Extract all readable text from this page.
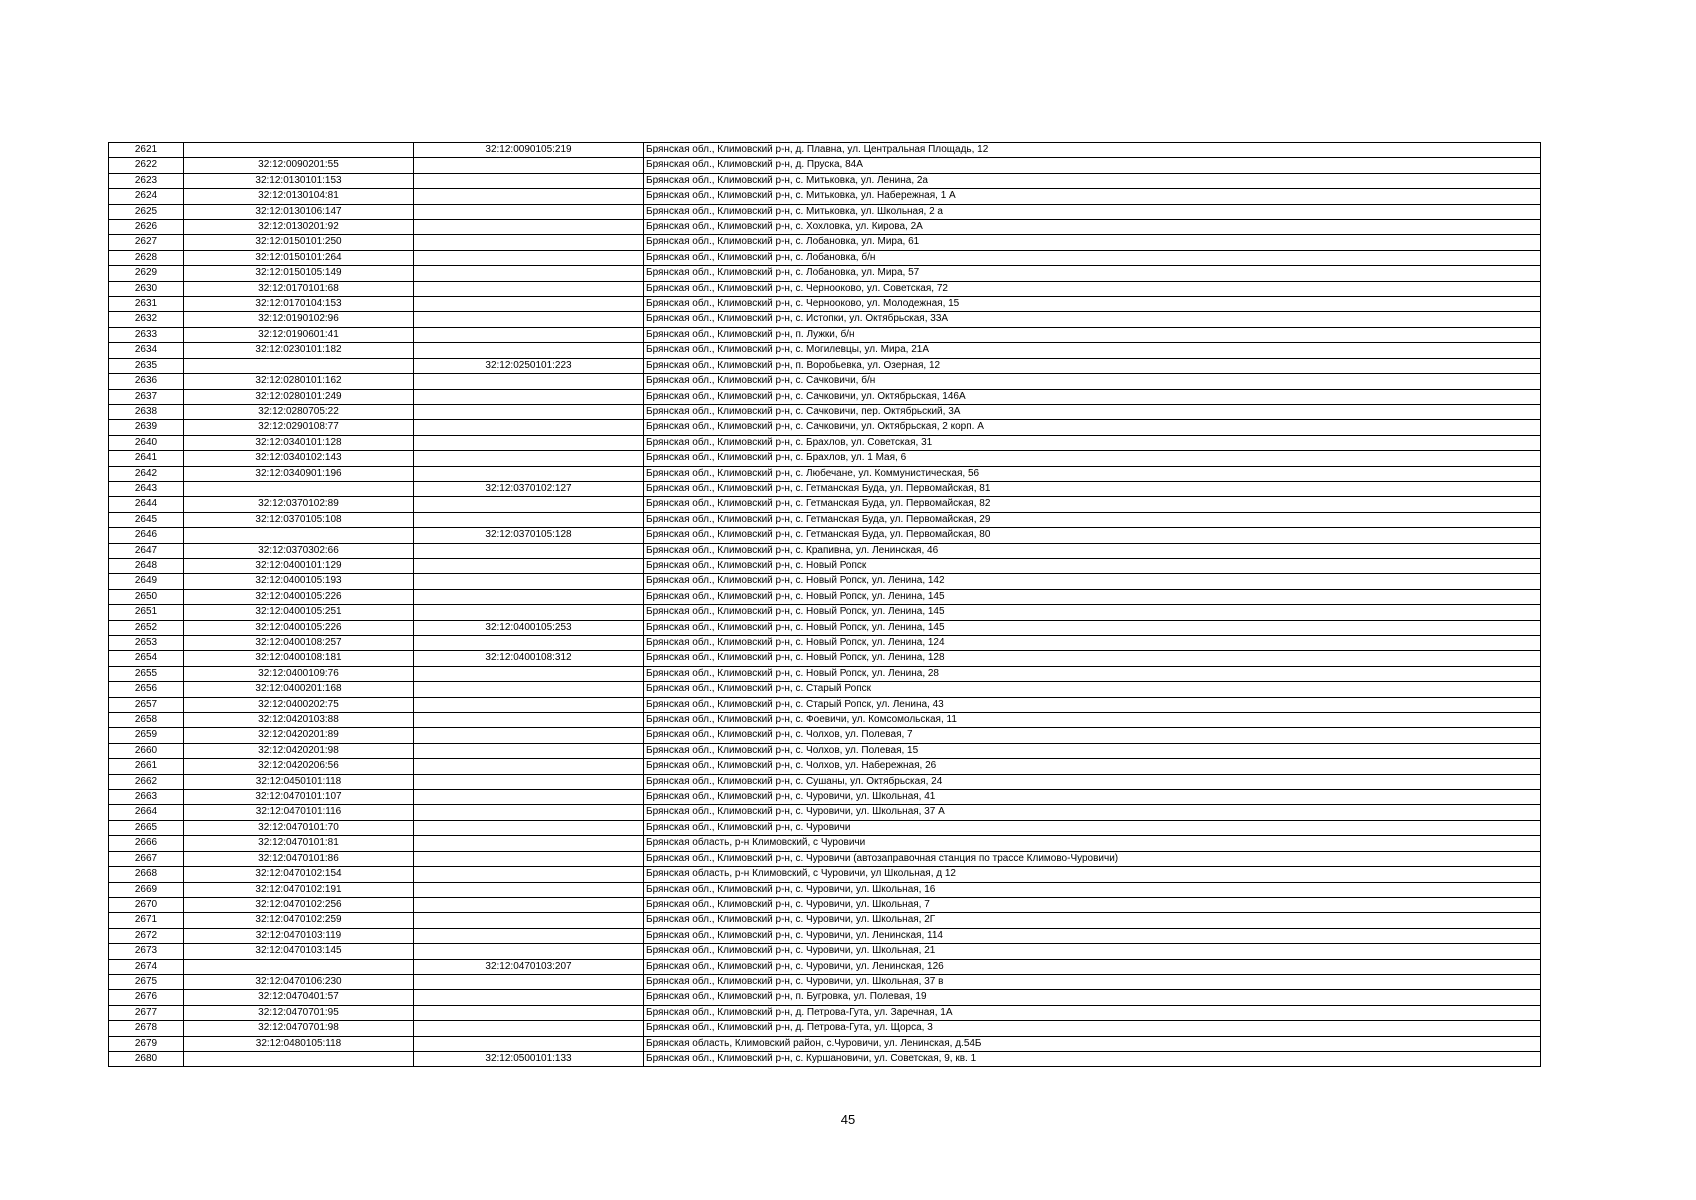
2621		32:12:0090105:219	Брянская обл., Климовский р-н, д. Плавна, ул. Центральная Площадь, 12
2622	32:12:0090201:55		Брянская обл., Климовский р-н, д. Пруска, 84А
2623	32:12:0130101:153		Брянская обл., Климовский р-н, с. Митьковка, ул. Ленина, 2а
2624	32:12:0130104:81		Брянская обл., Климовский р-н, с. Митьковка, ул. Набережная, 1 А
2625	32:12:0130106:147		Брянская обл., Климовский р-н, с. Митьковка, ул. Школьная, 2 а
2626	32:12:0130201:92		Брянская обл., Климовский р-н, с. Хохловка, ул. Кирова, 2А
2627	32:12:0150101:250		Брянская обл., Климовский р-н, с. Лобановка, ул. Мира, 61
2628	32:12:0150101:264		Брянская обл., Климовский р-н, с. Лобановка, б/н
2629	32:12:0150105:149		Брянская обл., Климовский р-н, с. Лобановка, ул. Мира, 57
2630	32:12:0170101:68		Брянская обл., Климовский р-н, с. Чернооково, ул. Советская, 72
2631	32:12:0170104:153		Брянская обл., Климовский р-н, с. Чернооково, ул. Молодежная, 15
2632	32:12:0190102:96		Брянская обл., Климовский р-н, с. Истопки, ул. Октябрьская, 33А
2633	32:12:0190601:41		Брянская обл., Климовский р-н, п. Лужки, б/н
2634	32:12:0230101:182		Брянская обл., Климовский р-н, с. Могилевцы, ул. Мира, 21А
2635		32:12:0250101:223	Брянская обл., Климовский р-н, п. Воробьевка, ул. Озерная, 12
2636	32:12:0280101:162		Брянская обл., Климовский р-н, с. Сачковичи, б/н
2637	32:12:0280101:249		Брянская обл., Климовский р-н, с. Сачковичи, ул. Октябрьская, 146А
2638	32:12:0280705:22		Брянская обл., Климовский р-н, с. Сачковичи, пер. Октябрьский, 3А
2639	32:12:0290108:77		Брянская обл., Климовский р-н, с. Сачковичи, ул. Октябрьская, 2 корп. А
2640	32:12:0340101:128		Брянская обл., Климовский р-н, с. Брахлов, ул. Советская, 31
2641	32:12:0340102:143		Брянская обл., Климовский р-н, с. Брахлов, ул. 1 Мая, 6
2642	32:12:0340901:196		Брянская обл., Климовский р-н, с. Любечане, ул. Коммунистическая, 56
2643		32:12:0370102:127	Брянская обл., Климовский р-н, с. Гетманская Буда, ул. Первомайская, 81
2644	32:12:0370102:89		Брянская обл., Климовский р-н, с. Гетманская Буда, ул. Первомайская, 82
2645	32:12:0370105:108		Брянская обл., Климовский р-н, с. Гетманская Буда, ул. Первомайская, 29
2646		32:12:0370105:128	Брянская обл., Климовский р-н, с. Гетманская Буда, ул. Первомайская, 80
2647	32:12:0370302:66		Брянская обл., Климовский р-н, с. Крапивна, ул. Ленинская, 46
2648	32:12:0400101:129		Брянская обл., Климовский р-н, с. Новый Ропск
2649	32:12:0400105:193		Брянская обл., Климовский р-н, с. Новый Ропск, ул. Ленина, 142
2650	32:12:0400105:226		Брянская обл., Климовский р-н, с. Новый Ропск, ул. Ленина, 145
2651	32:12:0400105:251		Брянская обл., Климовский р-н, с. Новый Ропск, ул. Ленина, 145
2652	32:12:0400105:226	32:12:0400105:253	Брянская обл., Климовский р-н, с. Новый Ропск, ул. Ленина, 145
2653	32:12:0400108:257		Брянская обл., Климовский р-н, с. Новый Ропск, ул. Ленина, 124
2654	32:12:0400108:181	32:12:0400108:312	Брянская обл., Климовский р-н, с. Новый Ропск, ул. Ленина, 128
2655	32:12:0400109:76		Брянская обл., Климовский р-н, с. Новый Ропск, ул. Ленина, 28
2656	32:12:0400201:168		Брянская обл., Климовский р-н, с. Старый Ропск
2657	32:12:0400202:75		Брянская обл., Климовский р-н, с. Старый Ропск, ул. Ленина, 43
2658	32:12:0420103:88		Брянская обл., Климовский р-н, с. Фоевичи, ул. Комсомольская, 11
2659	32:12:0420201:89		Брянская обл., Климовский р-н, с. Чолхов, ул. Полевая, 7
2660	32:12:0420201:98		Брянская обл., Климовский р-н, с. Чолхов, ул. Полевая, 15
2661	32:12:0420206:56		Брянская обл., Климовский р-н, с. Чолхов, ул. Набережная, 26
2662	32:12:0450101:118		Брянская обл., Климовский р-н, с. Сушаны, ул. Октябрьская, 24
2663	32:12:0470101:107		Брянская обл., Климовский р-н, с. Чуровичи, ул. Школьная, 41
2664	32:12:0470101:116		Брянская обл., Климовский р-н, с. Чуровичи, ул. Школьная, 37 А
2665	32:12:0470101:70		Брянская обл., Климовский р-н, с. Чуровичи
2666	32:12:0470101:81		Брянская область, р-н Климовский, с Чуровичи
2667	32:12:0470101:86		Брянская обл., Климовский р-н, с. Чуровичи (автозаправочная станция по трассе Климово-Чуровичи)
2668	32:12:0470102:154		Брянская область, р-н Климовский, с Чуровичи, ул Школьная, д 12
2669	32:12:0470102:191		Брянская обл., Климовский р-н, с. Чуровичи, ул. Школьная, 16
2670	32:12:0470102:256		Брянская обл., Климовский р-н, с. Чуровичи, ул. Школьная, 7
2671	32:12:0470102:259		Брянская обл., Климовский р-н, с. Чуровичи, ул. Школьная, 2Г
2672	32:12:0470103:119		Брянская обл., Климовский р-н, с. Чуровичи, ул. Ленинская, 114
2673	32:12:0470103:145		Брянская обл., Климовский р-н, с. Чуровичи, ул. Школьная, 21
2674		32:12:0470103:207	Брянская обл., Климовский р-н, с. Чуровичи, ул. Ленинская, 126
2675	32:12:0470106:230		Брянская обл., Климовский р-н, с. Чуровичи, ул. Школьная, 37 в
2676	32:12:0470401:57		Брянская обл., Климовский р-н, п. Бугровка, ул. Полевая, 19
2677	32:12:0470701:95		Брянская обл., Климовский р-н, д. Петрова-Гута, ул. Заречная, 1А
2678	32:12:0470701:98		Брянская обл., Климовский р-н, д. Петрова-Гута, ул. Щорса, 3
2679	32:12:0480105:118		Брянская область, Климовский район, с.Чуровичи, ул. Ленинская, д.54Б
2680		32:12:0500101:133	Брянская обл., Климовский р-н, с. Куршановичи, ул. Советская, 9, кв. 1
45
